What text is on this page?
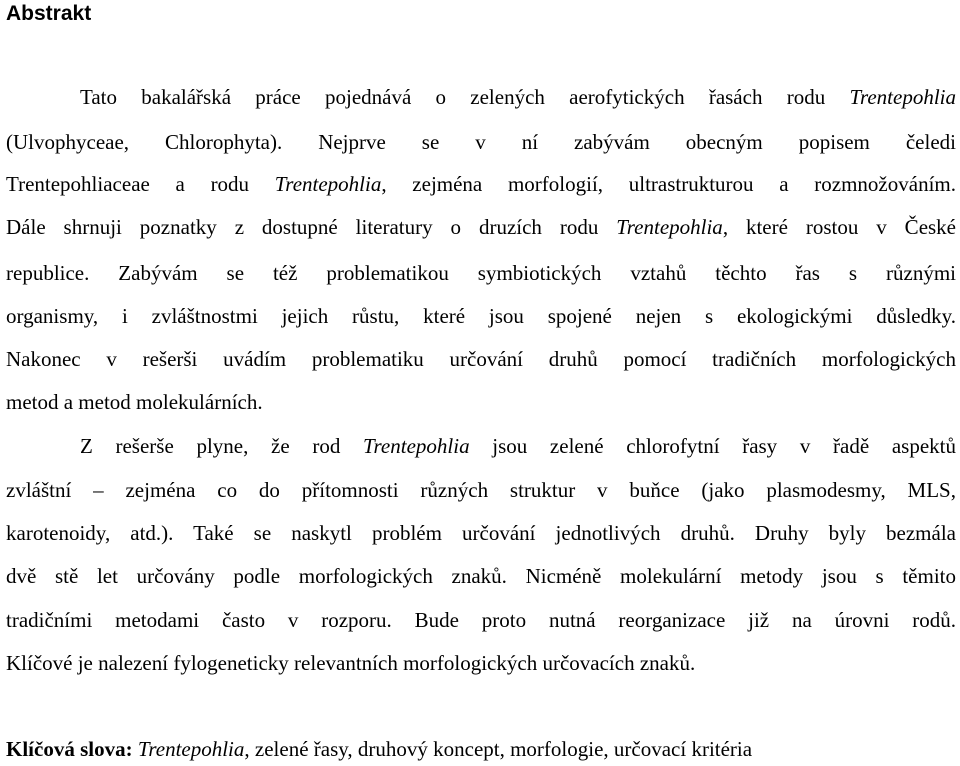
Abstrakt

Tato bakalářská práce pojednává o zelených aerofytických řasách rodu Trentepohlia

(Ulvophyceae, Chlorophyta). Nejprve se v ní zabývám obecným popisem čeledi

Trentepohliaceae a rodu Trentepohlia, zejména morfologií, ultrastrukturou a rozmnožováním.

Dále shrnuji poznatky z dostupné literatury o druzích rodu Trentepohlia, které rostou v České

republice. Zabývám se též problematikou symbiotických vztahů těchto řas s různými

organismy, i zvláštnostmi jejich růstu, které jsou spojené nejen s ekologickými důsledky.

Nakonec v rešerši uvádím problematiku určování druhů pomocí tradičních morfologických

metod a metod molekulárních.

Z rešerše plyne, že rod Trentepohlia jsou zelené chlorofytní řasy v řadě aspektů

zvláštní – zejména co do přítomnosti různých struktur v buňce (jako plasmodesmy, MLS,

karotenoidy, atd.). Také se naskytl problém určování jednotlivých druhů. Druhy byly bezmála

dvě stě let určovány podle morfologických znaků. Nicméně molekulární metody jsou s těmito

tradičními metodami často v rozporu. Bude proto nutná reorganizace již na úrovni rodů.

Klíčové je nalezení fylogeneticky relevantních morfologických určovacích znaků.

Klíčová slova: Trentepohlia, zelené řasy, druhový koncept, morfologie, určovací kritéria
